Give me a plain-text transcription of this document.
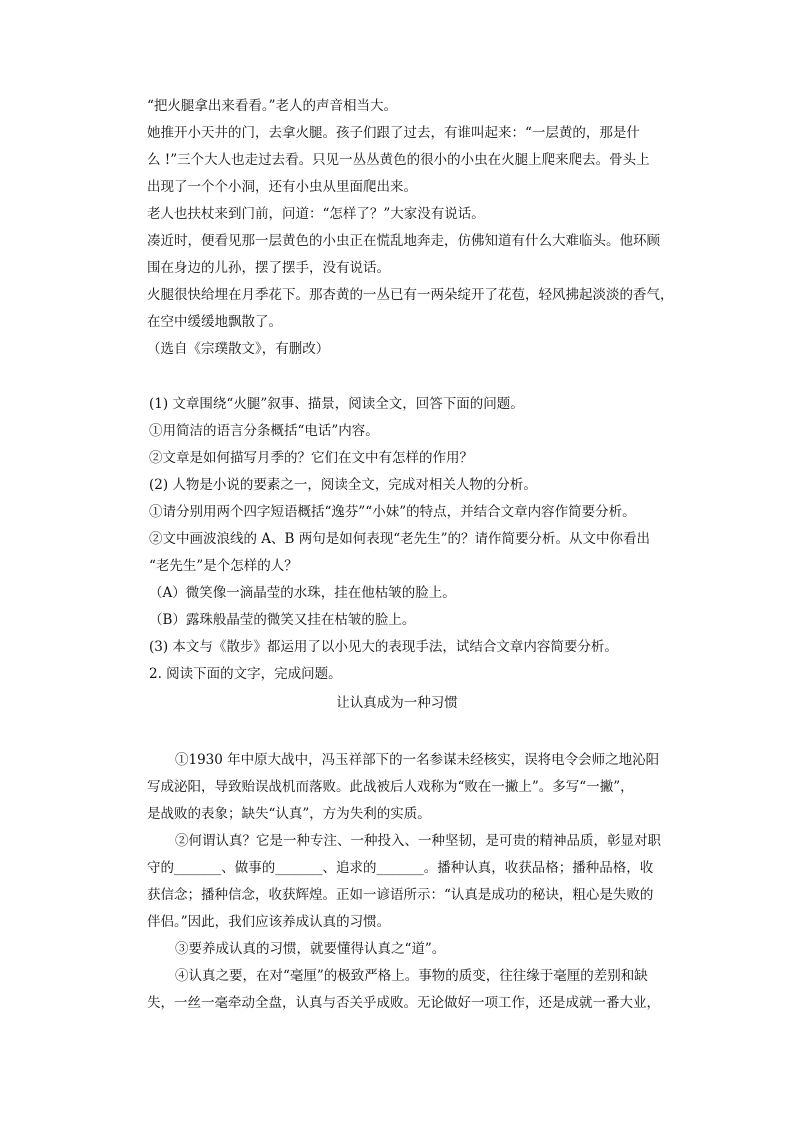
“把火腿拿出来看看。”老人的声音相当大。
她推开小天井的门，去拿火腿。孩子们跟了过去，有谁叫起来：“一层黄的，那是什
么 !”三个大人也走过去看。只见一丛丛黄色的很小的小虫在火腿上爬来爬去。骨头上
出现了一个个小洞，还有小虫从里面爬出来。
老人也扶杖来到门前，问道：“怎样了？”大家没有说话。
凑近时，便看见那一层黄色的小虫正在慌乱地奔走，仿佛知道有什么大难临头。他环顾
围在身边的儿孙，摆了摆手，没有说话。
火腿很快给埋在月季花下。那杏黄的一丛已有一两朵绽开了花苞，轻风拂起淡淡的香气，
在空中缓缓地飘散了。
（选自《宗璞散文》，有删改）
(1) 文章围绕“火腿”叙事、描景，阅读全文，回答下面的问题。
①用简洁的语言分条概括“电话”内容。
②文章是如何描写月季的？它们在文中有怎样的作用？
(2) 人物是小说的要素之一，阅读全文，完成对相关人物的分析。
①请分别用两个四字短语概括“逸芬”“小妹”的特点，并结合文章内容作简要分析。
②文中画波浪线的 A、B 两句是如何表现“老先生”的？请作简要分析。从文中你看出
“老先生”是个怎样的人？
（A）微笑像一滴晶莹的水珠，挂在他枯皱的脸上。
（B）露珠般晶莹的微笑又挂在枯皱的脸上。
(3) 本文与《散步》都运用了以小见大的表现手法，试结合文章内容简要分析。
2. 阅读下面的文字，完成问题。
让认真成为一种习惯
①1930 年中原大战中，冯玉祥部下的一名参谋未经核实，误将电令会师之地沁阳
写成泌阳，导致贻误战机而落败。此战被后人戏称为“败在一撇上”。多写“一撇”，
是战败的表象；缺失“认真”，方为失利的实质。
②何谓认真？它是一种专注、一种投入、一种坚韧，是可贵的精神品质，彰显对职
守的_______、做事的_______、追求的_______。播种认真，收获品格；播种品格，收
获信念；播种信念，收获辉煌。正如一谚语所示：“认真是成功的秘诀，粗心是失败的
伴侣。”因此，我们应该养成认真的习惯。
③要养成认真的习惯，就要懂得认真之“道”。
④认真之要，在对“毫厘”的极致严格上。事物的质变，往往缘于毫厘的差别和缺
失，一丝一毫牵动全盘，认真与否关乎成败。无论做好一项工作，还是成就一番大业，
